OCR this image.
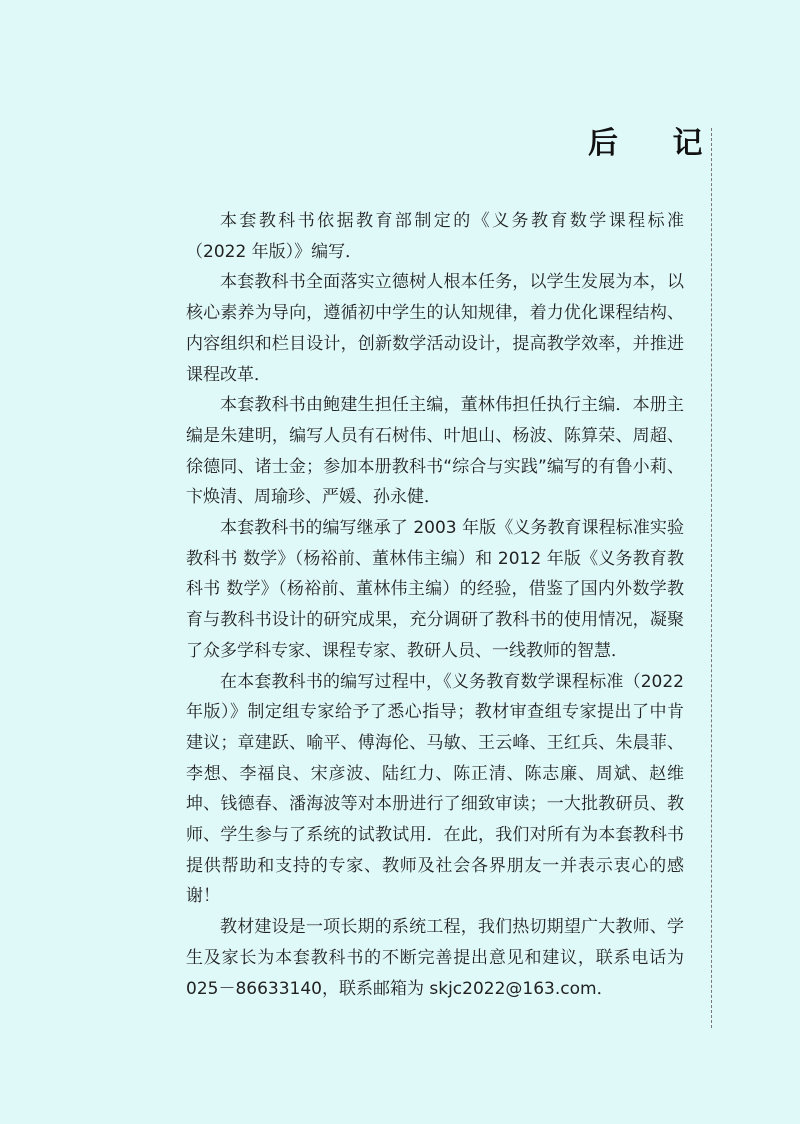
后 记

本套教科书依据教育部制定的《义务教育数学课程标准（2022 年版）》编写．

本套教科书全面落实立德树人根本任务，以学生发展为本，以核心素养为导向，遵循初中学生的认知规律，着力优化课程结构、内容组织和栏目设计，创新数学活动设计，提高教学效率，并推进课程改革．

本套教科书由鲍建生担任主编，董林伟担任执行主编．本册主编是朱建明，编写人员有石树伟、叶旭山、杨波、陈算荣、周超、徐德同、诸士金；参加本册教科书“综合与实践”编写的有鲁小莉、卞焕清、周瑜珍、严媛、孙永健．

本套教科书的编写继承了 2003 年版《义务教育课程标准实验教科书 数学》（杨裕前、董林伟主编）和 2012 年版《义务教育教科书 数学》（杨裕前、董林伟主编）的经验，借鉴了国内外数学教育与教科书设计的研究成果，充分调研了教科书的使用情况，凝聚了众多学科专家、课程专家、教研人员、一线教师的智慧．

在本套教科书的编写过程中，《义务教育数学课程标准（2022 年版）》制定组专家给予了悉心指导；教材审查组专家提出了中肯建议；章建跃、喻平、傅海伦、马敏、王云峰、王红兵、朱晨菲、李想、李福良、宋彦波、陆红力、陈正清、陈志廉、周斌、赵维坤、钱德春、潘海波等对本册进行了细致审读；一大批教研员、教师、学生参与了系统的试教试用．在此，我们对所有为本套教科书提供帮助和支持的专家、教师及社会各界朋友一并表示衷心的感谢！

教材建设是一项长期的系统工程，我们热切期望广大教师、学生及家长为本套教科书的不断完善提出意见和建议，联系电话为 025－86633140，联系邮箱为 skjc2022@163.com．
